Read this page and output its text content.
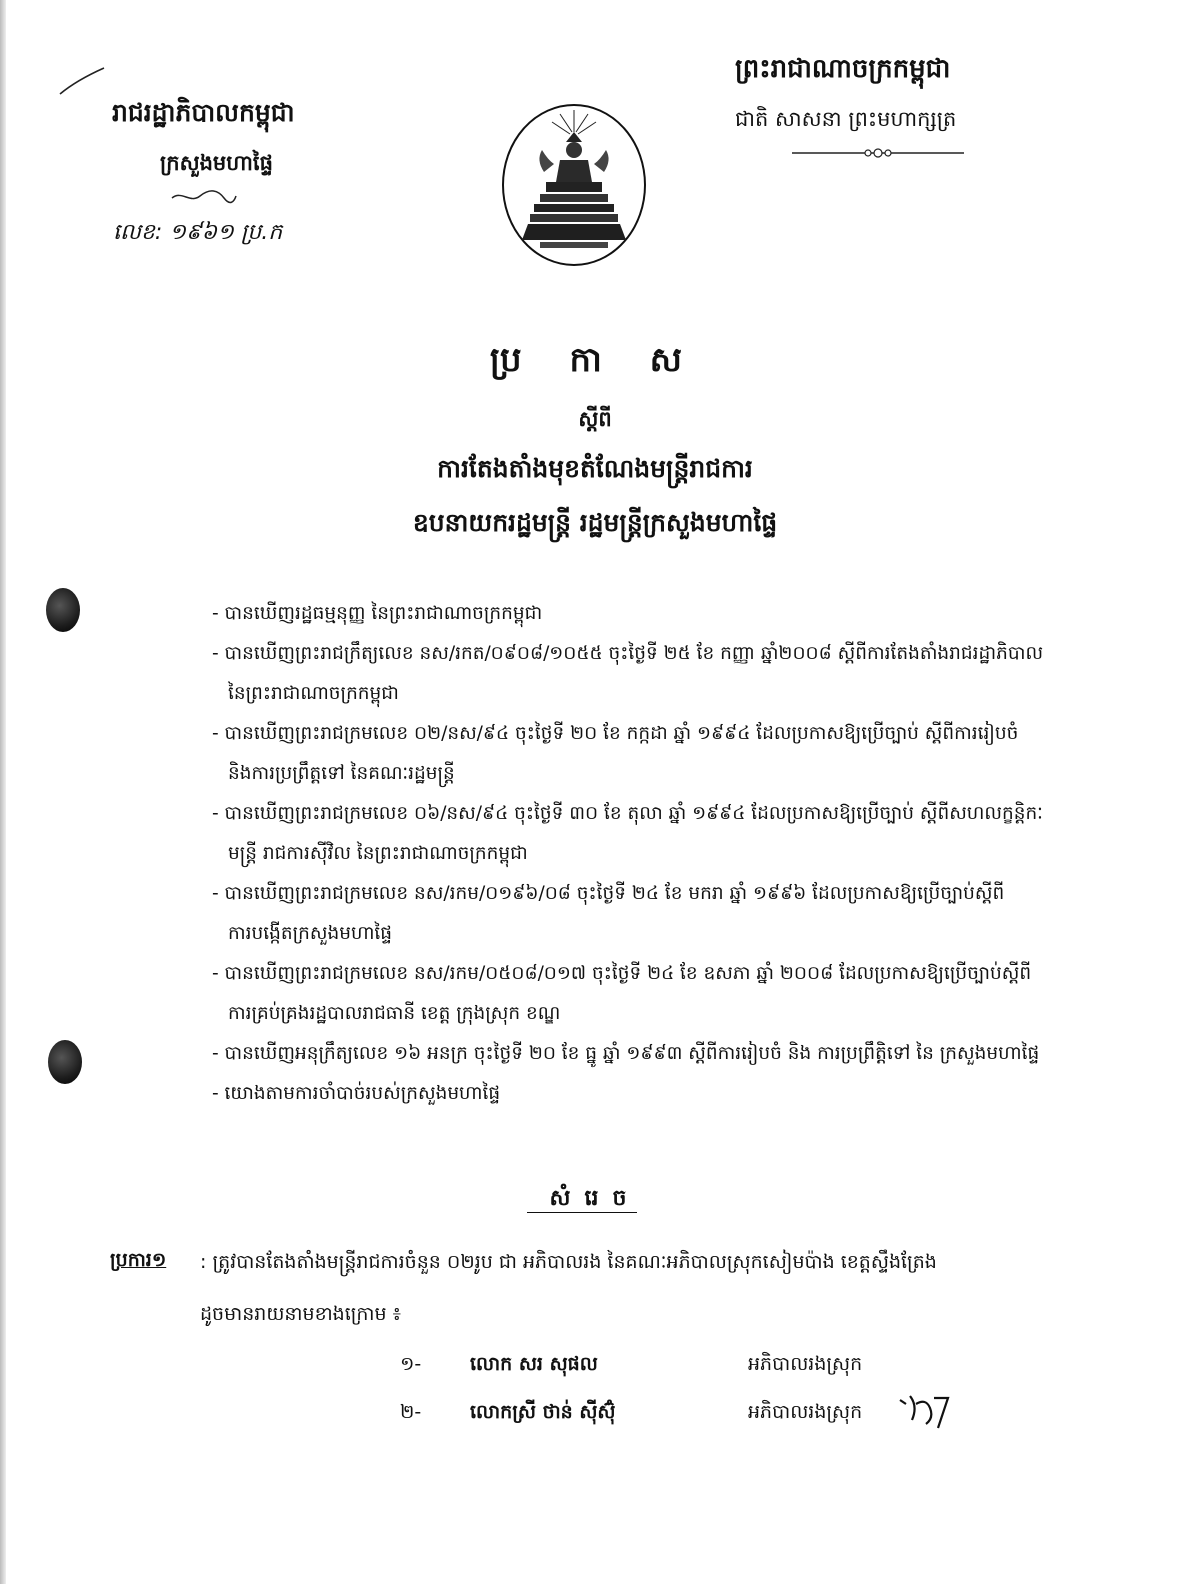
ព្រះរាជាណាចក្រកម្ពុជា
ជាតិ សាសនា ព្រះមហាក្សត្រ
រាជរដ្ឋាភិបាលកម្ពុជា
ក្រសួងមហាផ្ទៃ
លេខ: ១៩៦១ ប្រ.ក
ប្រ កា ស
ស្តីពី
ការតែងតាំងមុខតំណែងមន្ត្រីរាជការ
ឧបនាយករដ្ឋមន្ត្រី រដ្ឋមន្ត្រីក្រសួងមហាផ្ទៃ

- បានឃើញរដ្ឋធម្មនុញ្ញ នៃព្រះរាជាណាចក្រកម្ពុជា

- បានឃើញព្រះរាជក្រឹត្យលេខ នស/រកត/០៩០៨/១០៥៥ ចុះថ្ងៃទី ២៥ ខែ កញ្ញា ឆ្នាំ២០០៨ ស្តីពីការតែងតាំងរាជរដ្ឋាភិបាល

នៃព្រះរាជាណាចក្រកម្ពុជា

- បានឃើញព្រះរាជក្រមលេខ ០២/នស/៩៤ ចុះថ្ងៃទី ២០ ខែ កក្កដា ឆ្នាំ ១៩៩៤ ដែលប្រកាសឱ្យប្រើច្បាប់ ស្តីពីការរៀបចំ

និងការប្រព្រឹត្តទៅ នៃគណៈរដ្ឋមន្ត្រី

- បានឃើញព្រះរាជក្រមលេខ ០៦/នស/៩៤ ចុះថ្ងៃទី ៣០ ខែ តុលា ឆ្នាំ ១៩៩៤ ដែលប្រកាសឱ្យប្រើច្បាប់ ស្តីពីសហលក្ខន្តិកៈ

មន្ត្រី រាជការស៊ីវិល នៃព្រះរាជាណាចក្រកម្ពុជា

- បានឃើញព្រះរាជក្រមលេខ នស/រកម/០១៩៦/០៨ ចុះថ្ងៃទី ២៤ ខែ មករា ឆ្នាំ ១៩៩៦ ដែលប្រកាសឱ្យប្រើច្បាប់ស្តីពី

ការបង្កើតក្រសួងមហាផ្ទៃ

- បានឃើញព្រះរាជក្រមលេខ នស/រកម/០៥០៨/០១៧ ចុះថ្ងៃទី ២៤ ខែ ឧសភា ឆ្នាំ ២០០៨ ដែលប្រកាសឱ្យប្រើច្បាប់ស្តីពី

ការគ្រប់គ្រងរដ្ឋបាលរាជធានី ខេត្ត ក្រុងស្រុក ខណ្ឌ

- បានឃើញអនុក្រឹត្យលេខ ១៦ អនក្រ ចុះថ្ងៃទី ២០ ខែ ធ្នូ ឆ្នាំ ១៩៩៣ ស្តីពីការរៀបចំ និង ការប្រព្រឹត្តិទៅ នៃ ក្រសួងមហាផ្ទៃ

- យោងតាមការចាំបាច់របស់ក្រសួងមហាផ្ទៃ

សំរេច
ប្រការ១ : ត្រូវបានតែងតាំងមន្ត្រីរាជការចំនួន ០២រូប ជា អភិបាលរង នៃគណៈអភិបាលស្រុកសៀមប៉ាង ខេត្តស្ទឹងត្រែង
ដូចមានរាយនាមខាងក្រោម ៖
១-	លោក សរ សុផល	អភិបាលរងស្រុក
២-	លោកស្រី ថាន់ ស៊ីស៊ុំ	អភិបាលរងស្រុក
